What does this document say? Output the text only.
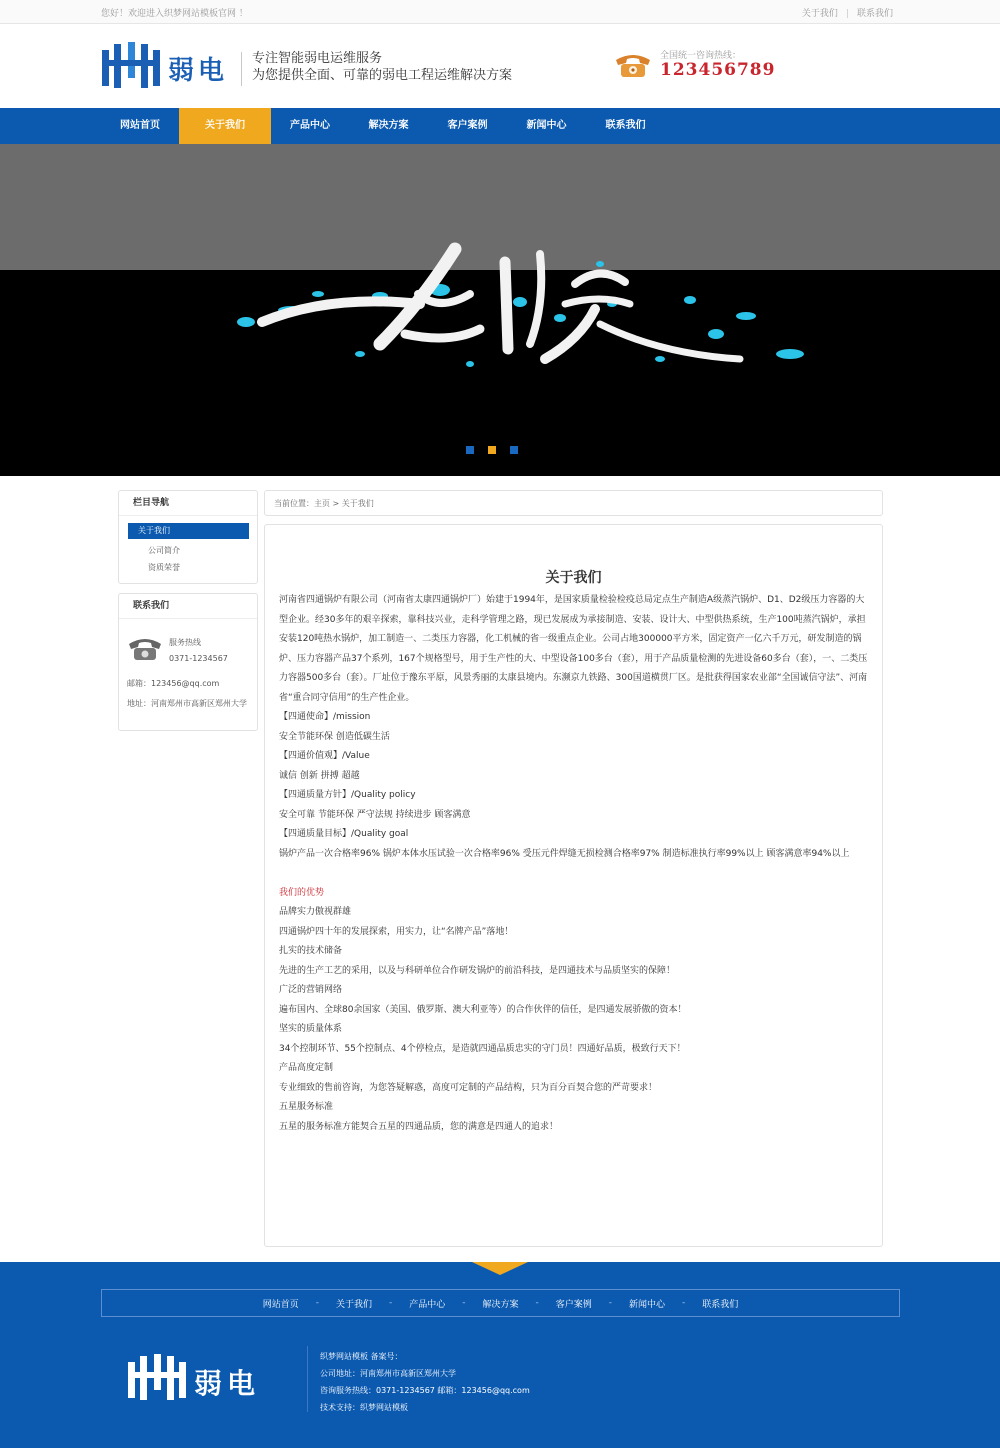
您好！欢迎进入织梦网站模板官网 ！	关于我们 | 联系我们
弱电 专注智能弱电运维服务
为您提供全面、可靠的弱电工程运维解决方案
全国统一咨询热线：
123456789
网站首页	关于我们	产品中心	解决方案	客户案例	新闻中心	联系我们
栏目导航
关于我们
公司简介
资质荣誉
联系我们
服务热线
0371-1234567
邮箱：123456@qq.com
地址：河南郑州市高新区郑州大学
当前位置：主页 > 关于我们
关于我们

河南省四通锅炉有限公司（河南省太康四通锅炉厂）始建于1994年，是国家质量检验检疫总局定点生产制造A级蒸汽锅炉、D1、D2级压力容器的大型企业。经30多年的艰辛探索，靠科技兴业，走科学管理之路，现已发展成为承接制造、安装、设计大、中型供热系统，生产100吨蒸汽锅炉，承担安装120吨热水锅炉，加工制造一、二类压力容器，化工机械的省一级重点企业。公司占地300000平方米，固定资产一亿六千万元，研发制造的锅炉、压力容器产品37个系列，167个规格型号，用于生产性的大、中型设备100多台（套），用于产品质量检测的先进设备60多台（套），一、二类压力容器500多台（套）。厂址位于豫东平原，风景秀丽的太康县境内。东濒京九铁路、300国道横贯厂区。是批获得国家农业部“全国诚信守法”、河南省“重合同守信用”的生产性企业。

【四通使命】/mission

安全节能环保 创造低碳生活

【四通价值观】/Value

诚信 创新 拼搏 超越

【四通质量方针】/Quality policy

安全可靠 节能环保 严守法规 持续进步 顾客满意

【四通质量目标】/Quality goal

锅炉产品一次合格率96% 锅炉本体水压试验一次合格率96% 受压元件焊缝无损检测合格率97% 制造标准执行率99%以上 顾客满意率94%以上

我们的优势

品牌实力傲视群雄

四通锅炉四十年的发展探索，用实力，让“名牌产品”落地！

扎实的技术储备

先进的生产工艺的采用，以及与科研单位合作研发锅炉的前沿科技，是四通技术与品质坚实的保障！

广泛的营销网络

遍布国内、全球80余国家（美国、俄罗斯、澳大利亚等）的合作伙伴的信任，是四通发展骄傲的资本！

坚实的质量体系

34个控制环节、55个控制点、4个停检点，是造就四通品质忠实的守门员！四通好品质，极致行天下！

产品高度定制

专业细致的售前咨询，为您答疑解惑，高度可定制的产品结构，只为百分百契合您的严苛要求！

五星服务标准

五星的服务标准方能契合五星的四通品质，您的满意是四通人的追求！

网站首页 - 关于我们 - 产品中心 - 解决方案 - 客户案例 - 新闻中心 - 联系我们
弱电
织梦网站模板 备案号：
公司地址：河南郑州市高新区郑州大学
咨询服务热线：0371-1234567 邮箱：123456@qq.com
技术支持：织梦网站模板
